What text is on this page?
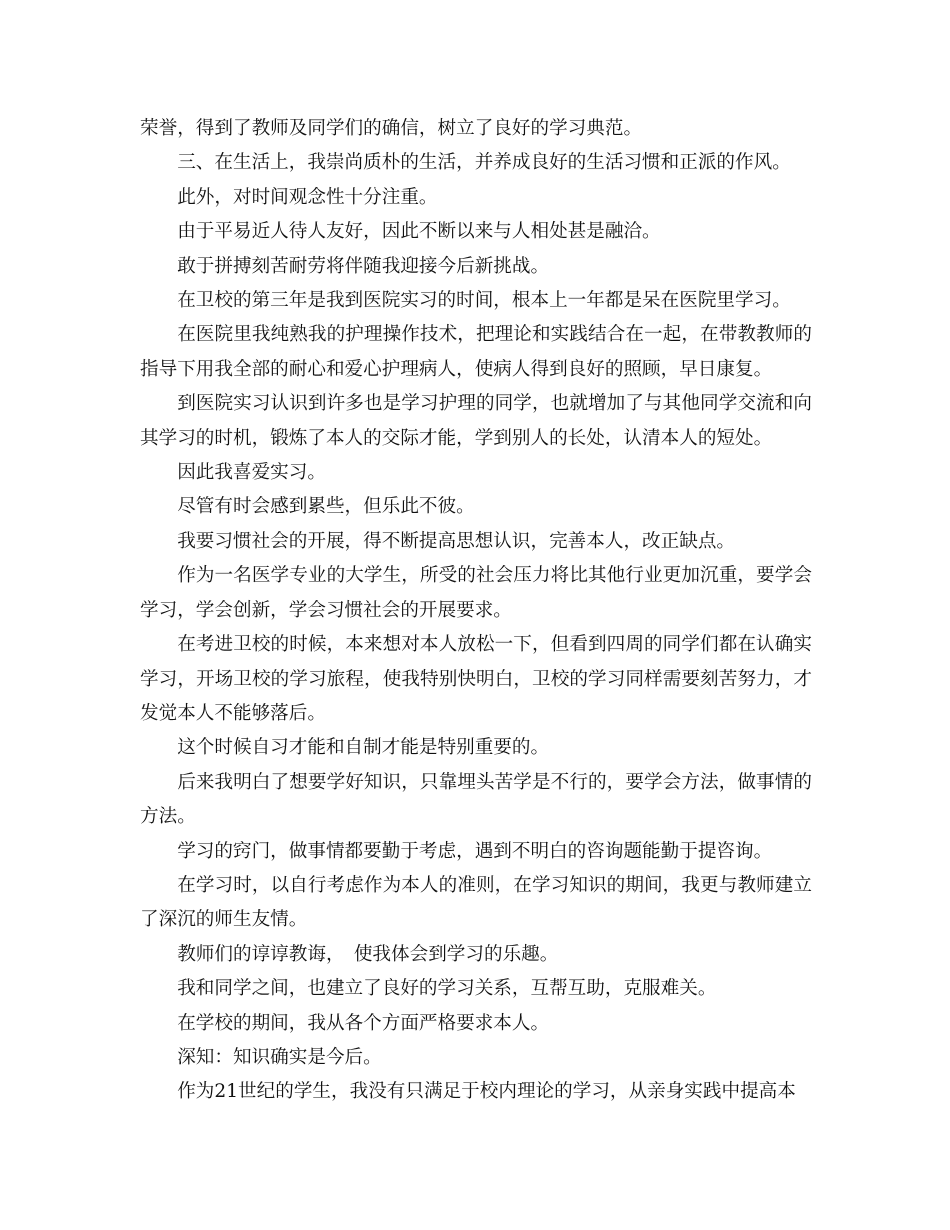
荣誉，得到了教师及同学们的确信，树立了良好的学习典范。

三、在生活上，我崇尚质朴的生活，并养成良好的生活习惯和正派的作风。

此外，对时间观念性十分注重。

由于平易近人待人友好，因此不断以来与人相处甚是融洽。

敢于拼搏刻苦耐劳将伴随我迎接今后新挑战。

在卫校的第三年是我到医院实习的时间，根本上一年都是呆在医院里学习。

在医院里我纯熟我的护理操作技术，把理论和实践结合在一起，在带教教师的指导下用我全部的耐心和爱心护理病人，使病人得到良好的照顾，早日康复。

到医院实习认识到许多也是学习护理的同学，也就增加了与其他同学交流和向其学习的时机，锻炼了本人的交际才能，学到别人的长处，认清本人的短处。

因此我喜爱实习。

尽管有时会感到累些，但乐此不彼。

我要习惯社会的开展，得不断提高思想认识，完善本人，改正缺点。

作为一名医学专业的大学生，所受的社会压力将比其他行业更加沉重，要学会学习，学会创新，学会习惯社会的开展要求。

在考进卫校的时候，本来想对本人放松一下，但看到四周的同学们都在认确实学习，开场卫校的学习旅程，使我特别快明白，卫校的学习同样需要刻苦努力，才发觉本人不能够落后。

这个时候自习才能和自制才能是特别重要的。

后来我明白了想要学好知识，只靠埋头苦学是不行的，要学会方法，做事情的方法。

学习的窍门，做事情都要勤于考虑，遇到不明白的咨询题能勤于提咨询。

在学习时，以自行考虑作为本人的准则，在学习知识的期间，我更与教师建立了深沉的师生友情。

教师们的谆谆教诲，　使我体会到学习的乐趣。

我和同学之间，也建立了良好的学习关系，互帮互助，克服难关。

在学校的期间，我从各个方面严格要求本人。

深知：知识确实是今后。

作为21世纪的学生，我没有只满足于校内理论的学习，从亲身实践中提高本
